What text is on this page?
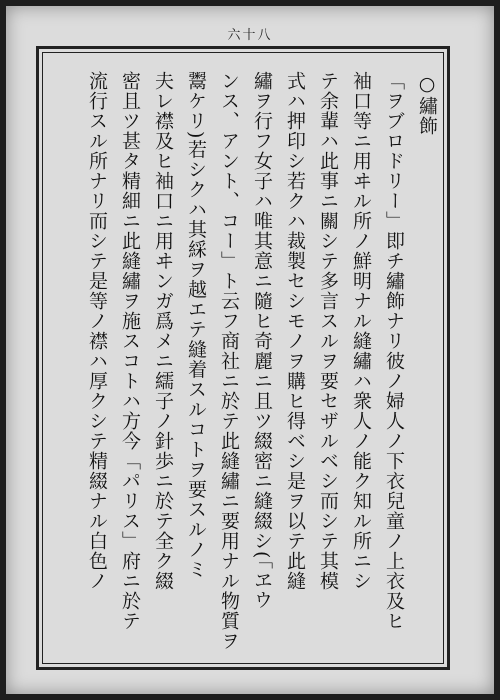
六十八
○繡飾
「ヲブロドリー」即チ繡飾ナリ彼ノ婦人ノ下衣兒童ノ上衣及ヒ
袖口等ニ用ヰル所ノ鮮明ナル縫繡ハ衆人ノ能ク知ル所ニシ
テ余輩ハ此事ニ關シテ多言スルヲ要セザルベシ而シテ其模
式ハ押印シ若クハ裁製セシモノヲ購ヒ得ベシ是ヲ以テ此縫
繡ヲ行フ女子ハ唯其意ニ隨ヒ奇麗ニ且ツ綴密ニ縫綴シ(「ヱウ
ンス、アント、コー」ト云フ商社ニ於テ此縫繡ニ要用ナル物質ヲ
鬻ケリ)若シクハ其綵ヲ越エテ縫着スルコトヲ要スルノミ
夫レ襟及ヒ袖口ニ用ヰンガ爲メニ繻子ノ針歩ニ於テ全ク綴
密且ツ甚タ精細ニ此縫繡ヲ施スコトハ方今「パリス」府ニ於テ
流行スル所ナリ而シテ是等ノ襟ハ厚クシテ精綴ナル白色ノ
